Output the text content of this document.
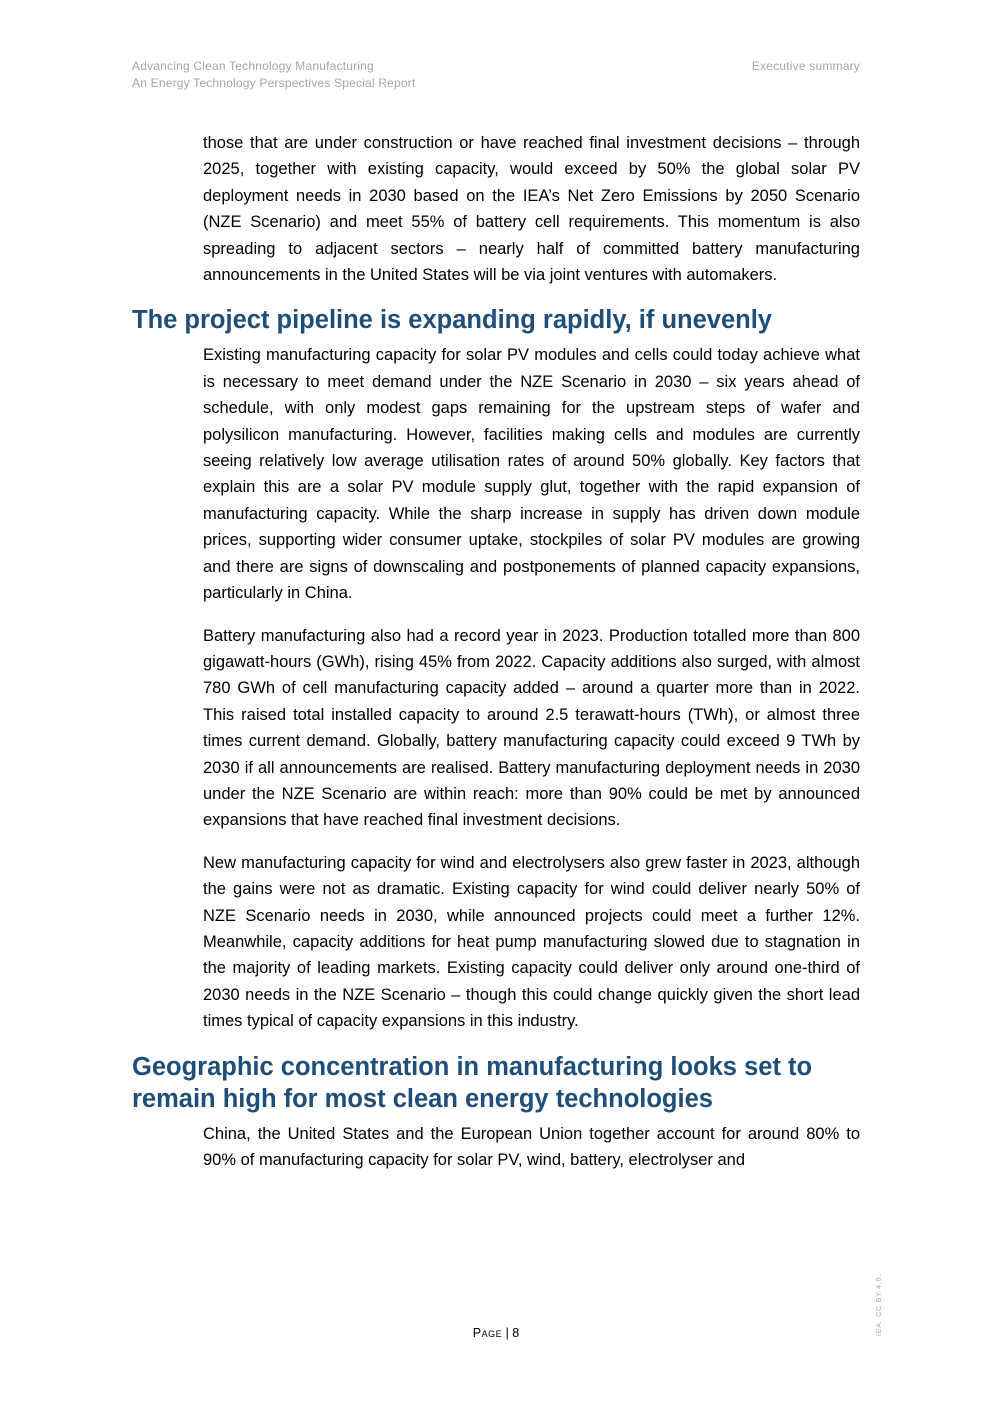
Advancing Clean Technology Manufacturing
An Energy Technology Perspectives Special Report
Executive summary

those that are under construction or have reached final investment decisions – through 2025, together with existing capacity, would exceed by 50% the global solar PV deployment needs in 2030 based on the IEA’s Net Zero Emissions by 2050 Scenario (NZE Scenario) and meet 55% of battery cell requirements. This momentum is also spreading to adjacent sectors – nearly half of committed battery manufacturing announcements in the United States will be via joint ventures with automakers.

The project pipeline is expanding rapidly, if unevenly

Existing manufacturing capacity for solar PV modules and cells could today achieve what is necessary to meet demand under the NZE Scenario in 2030 – six years ahead of schedule, with only modest gaps remaining for the upstream steps of wafer and polysilicon manufacturing. However, facilities making cells and modules are currently seeing relatively low average utilisation rates of around 50% globally. Key factors that explain this are a solar PV module supply glut, together with the rapid expansion of manufacturing capacity. While the sharp increase in supply has driven down module prices, supporting wider consumer uptake, stockpiles of solar PV modules are growing and there are signs of downscaling and postponements of planned capacity expansions, particularly in China.

Battery manufacturing also had a record year in 2023. Production totalled more than 800 gigawatt-hours (GWh), rising 45% from 2022. Capacity additions also surged, with almost 780 GWh of cell manufacturing capacity added – around a quarter more than in 2022. This raised total installed capacity to around 2.5 terawatt-hours (TWh), or almost three times current demand. Globally, battery manufacturing capacity could exceed 9 TWh by 2030 if all announcements are realised. Battery manufacturing deployment needs in 2030 under the NZE Scenario are within reach: more than 90% could be met by announced expansions that have reached final investment decisions.

New manufacturing capacity for wind and electrolysers also grew faster in 2023, although the gains were not as dramatic. Existing capacity for wind could deliver nearly 50% of NZE Scenario needs in 2030, while announced projects could meet a further 12%. Meanwhile, capacity additions for heat pump manufacturing slowed due to stagnation in the majority of leading markets. Existing capacity could deliver only around one-third of 2030 needs in the NZE Scenario – though this could change quickly given the short lead times typical of capacity expansions in this industry.

Geographic concentration in manufacturing looks set to remain high for most clean energy technologies

China, the United States and the European Union together account for around 80% to 90% of manufacturing capacity for solar PV, wind, battery, electrolyser and

Page | 8	IEA. CC BY 4.0.
